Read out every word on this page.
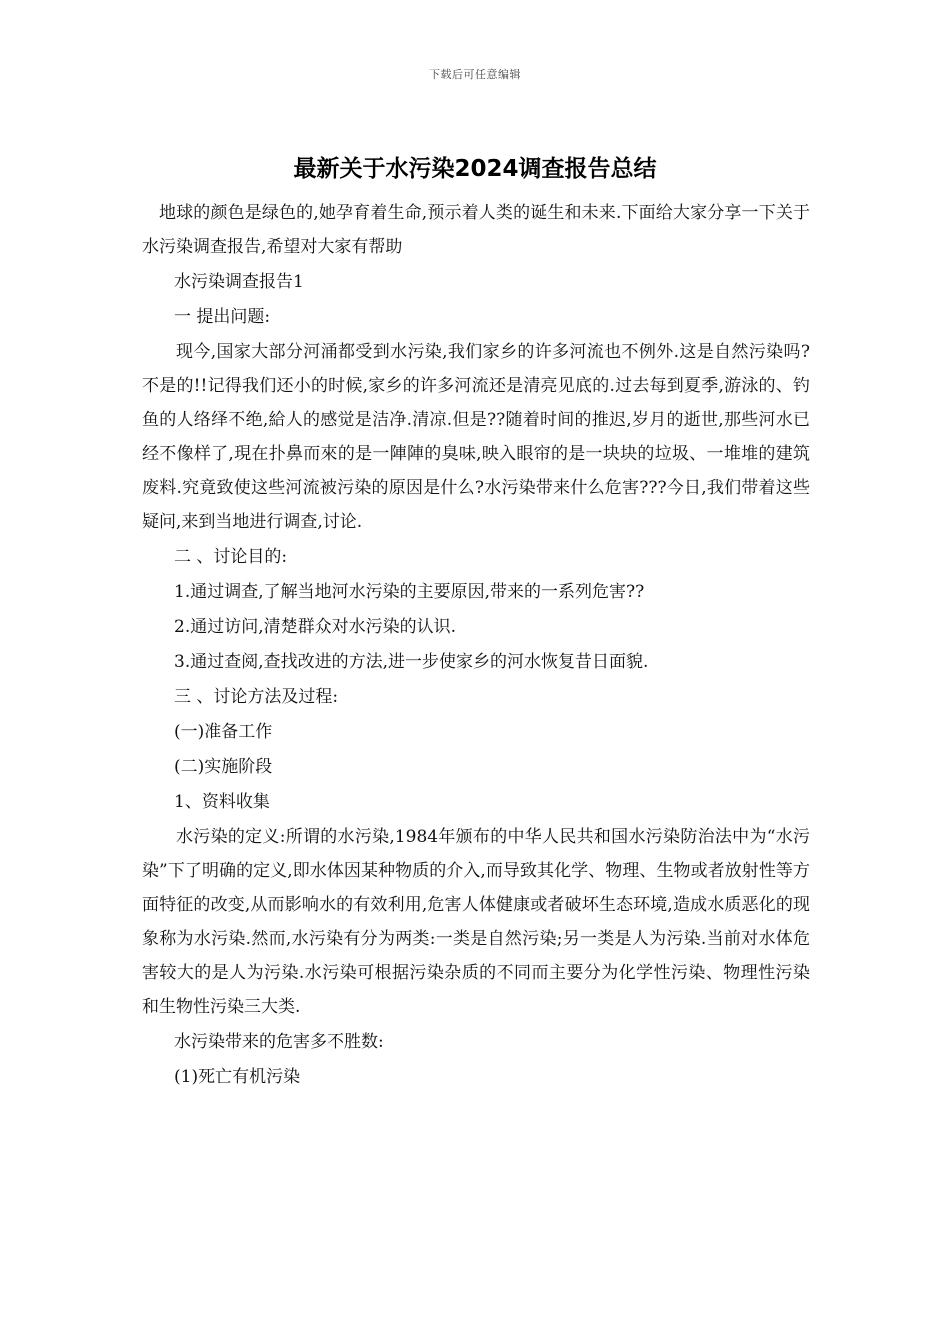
下载后可任意编辑
最新关于水污染2024调查报告总结

地球的颜色是绿色的,她孕育着生命,预示着人类的诞生和未来.下面给大家分享一下关于水污染调查报告,希望对大家有帮助

水污染调查报告1

一 提出问题:

现今,国家大部分河涌都受到水污染,我们家乡的许多河流也不例外.这是自然污染吗?不是的!!记得我们还小的时候,家乡的许多河流还是清亮见底的.过去每到夏季,游泳的、钓鱼的人络绎不绝,給人的感觉是洁净.清凉.但是??随着时间的推迟,岁月的逝世,那些河水已经不像样了,現在扑鼻而來的是一陣陣的臭味,映入眼帘的是一块块的垃圾、一堆堆的建筑废料.究竟致使这些河流被污染的原因是什么?水污染带来什么危害???今日,我们带着这些疑问,来到当地进行调查,讨论.

二 、讨论目的:

1.通过调查,了解当地河水污染的主要原因,带来的一系列危害??

2.通过访问,清楚群众对水污染的认识.

3.通过查阅,查找改进的方法,进一步使家乡的河水恢复昔日面貌.

三 、讨论方法及过程:

(一)准备工作

(二)实施阶段

1、资料收集

水污染的定义:所谓的水污染,1984年颁布的中华人民共和国水污染防治法中为“水污染”下了明确的定义,即水体因某种物质的介入,而导致其化学、物理、生物或者放射性等方面特征的改变,从而影响水的有效利用,危害人体健康或者破坏生态环境,造成水质恶化的现象称为水污染.然而,水污染有分为两类:一类是自然污染;另一类是人为污染.当前对水体危害较大的是人为污染.水污染可根据污染杂质的不同而主要分为化学性污染、物理性污染和生物性污染三大类.

水污染带来的危害多不胜数:

(1)死亡有机污染
